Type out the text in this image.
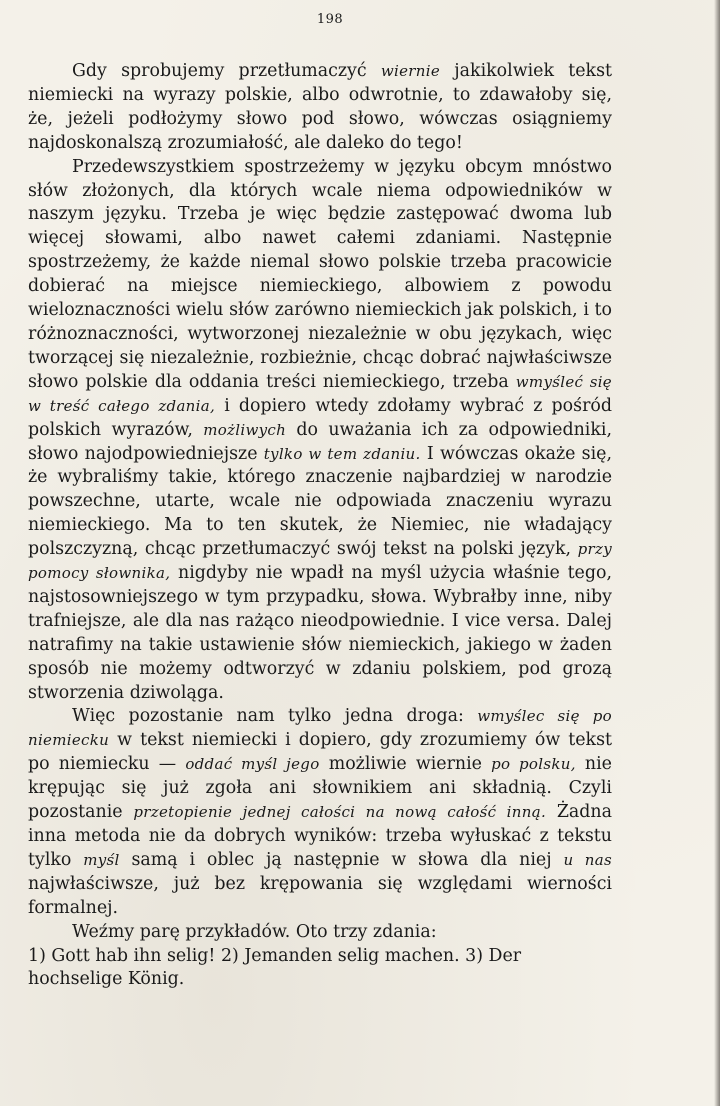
198

Gdy sprobujemy przetłumaczyć wiernie jakikolwiek tekst niemiecki na wyrazy polskie, albo odwrotnie, to zdawałoby się, że, jeżeli podłożymy słowo pod słowo, wówczas osiągniemy najdoskonalszą zrozumiałość, ale daleko do tego!

Przedewszystkiem spostrzeżemy w języku obcym mnóstwo słów złożonych, dla których wcale niema odpowiedników w naszym języku. Trzeba je więc będzie zastępować dwoma lub więcej słowami, albo nawet całemi zdaniami. Następnie spostrzeżemy, że każde niemal słowo polskie trzeba pracowicie dobierać na miejsce niemieckiego, albowiem z powodu wieloznaczności wielu słów zarówno niemieckich jak polskich, i to różnoznaczności, wytworzonej niezależnie w obu językach, więc tworzącej się niezależnie, rozbieżnie, chcąc dobrać najwłaściwsze słowo polskie dla oddania treści niemieckiego, trzeba wmyśleć się w treść całego zdania, i dopiero wtedy zdołamy wybrać z pośród polskich wyrazów, możliwych do uważania ich za odpowiedniki, słowo najodpowiedniejsze tylko w tem zdaniu. I wówczas okaże się, że wybraliśmy takie, którego znaczenie najbardziej w narodzie powszechne, utarte, wcale nie odpowiada znaczeniu wyrazu niemieckiego. Ma to ten skutek, że Niemiec, nie władający polszczyzną, chcąc przetłumaczyć swój tekst na polski język, przy pomocy słownika, nigdyby nie wpadł na myśl użycia właśnie tego, najstosowniejszego w tym przypadku, słowa. Wybrałby inne, niby trafniejsze, ale dla nas rażąco nieodpowiednie. I vice versa. Dalej natrafimy na takie ustawienie słów niemieckich, jakiego w żaden sposób nie możemy odtworzyć w zdaniu polskiem, pod grozą stworzenia dziwoląga.

Więc pozostanie nam tylko jedna droga: wmyślec się po niemiecku w tekst niemiecki i dopiero, gdy zrozumiemy ów tekst po niemiecku — oddać myśl jego możliwie wiernie po polsku, nie krępując się już zgoła ani słownikiem ani składnią. Czyli pozostanie przetopienie jednej całości na nową całość inną. Żadna inna metoda nie da dobrych wyników: trzeba wyłuskać z tekstu tylko myśl samą i oblec ją następnie w słowa dla niej u nas najwłaściwsze, już bez krępowania się względami wierności formalnej.

Weźmy parę przykładów. Oto trzy zdania:

1) Gott hab ihn selig! 2) Jemanden selig machen. 3) Der hochselige König.
